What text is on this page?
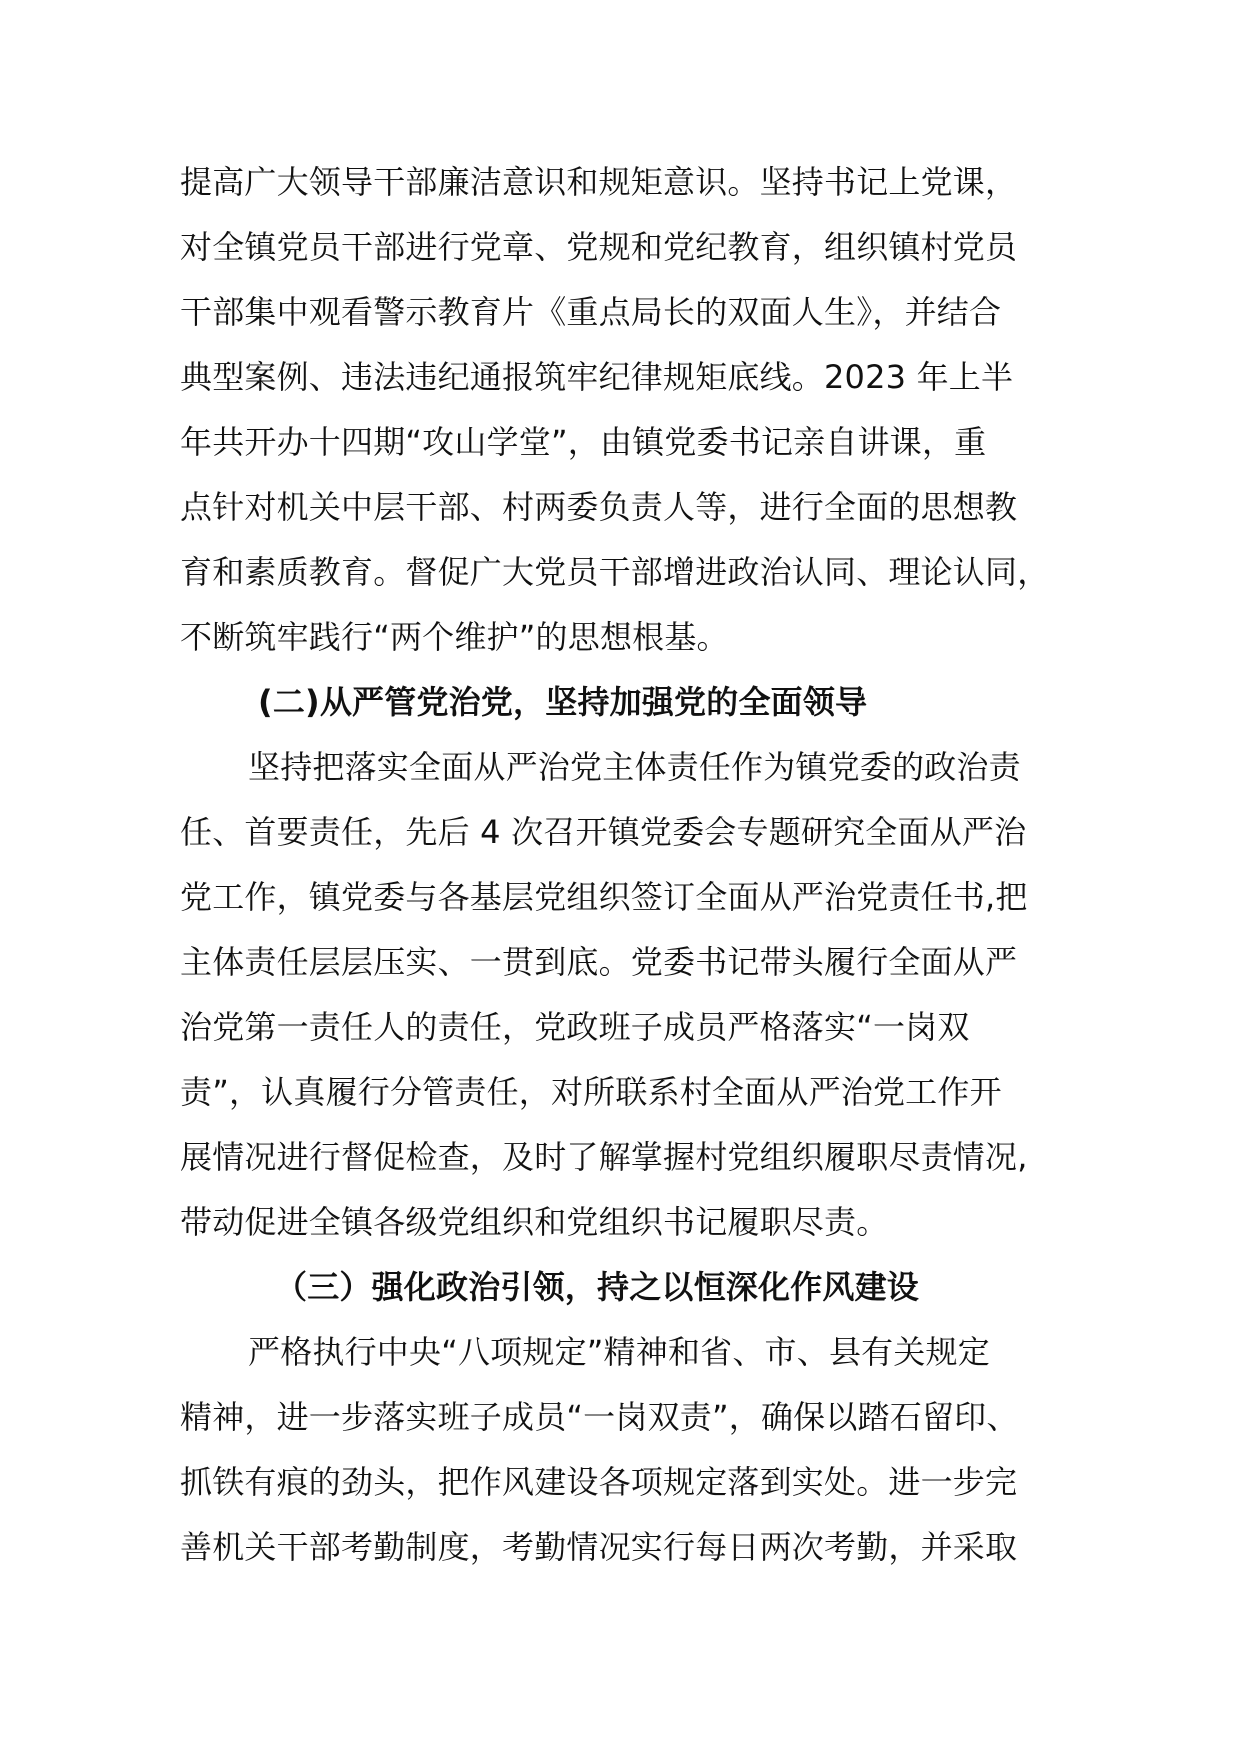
提高广大领导干部廉洁意识和规矩意识。坚持书记上党课，
对全镇党员干部进行党章、党规和党纪教育，组织镇村党员
干部集中观看警示教育片《重点局长的双面人生》，并结合
典型案例、违法违纪通报筑牢纪律规矩底线。2023 年上半
年共开办十四期“攻山学堂”，由镇党委书记亲自讲课，重
点针对机关中层干部、村两委负责人等，进行全面的思想教
育和素质教育。督促广大党员干部增进政治认同、理论认同，
不断筑牢践行“两个维护”的思想根基。
(二)从严管党治党，坚持加强党的全面领导
坚持把落实全面从严治党主体责任作为镇党委的政治责
任、首要责任，先后 4 次召开镇党委会专题研究全面从严治
党工作，镇党委与各基层党组织签订全面从严治党责任书,把
主体责任层层压实、一贯到底。党委书记带头履行全面从严
治党第一责任人的责任，党政班子成员严格落实“一岗双
责”，认真履行分管责任，对所联系村全面从严治党工作开
展情况进行督促检查，及时了解掌握村党组织履职尽责情况,
带动促进全镇各级党组织和党组织书记履职尽责。
（三）强化政治引领，持之以恒深化作风建设
严格执行中央“八项规定”精神和省、市、县有关规定
精神，进一步落实班子成员“一岗双责”，确保以踏石留印、
抓铁有痕的劲头，把作风建设各项规定落到实处。进一步完
善机关干部考勤制度，考勤情况实行每日两次考勤，并采取
